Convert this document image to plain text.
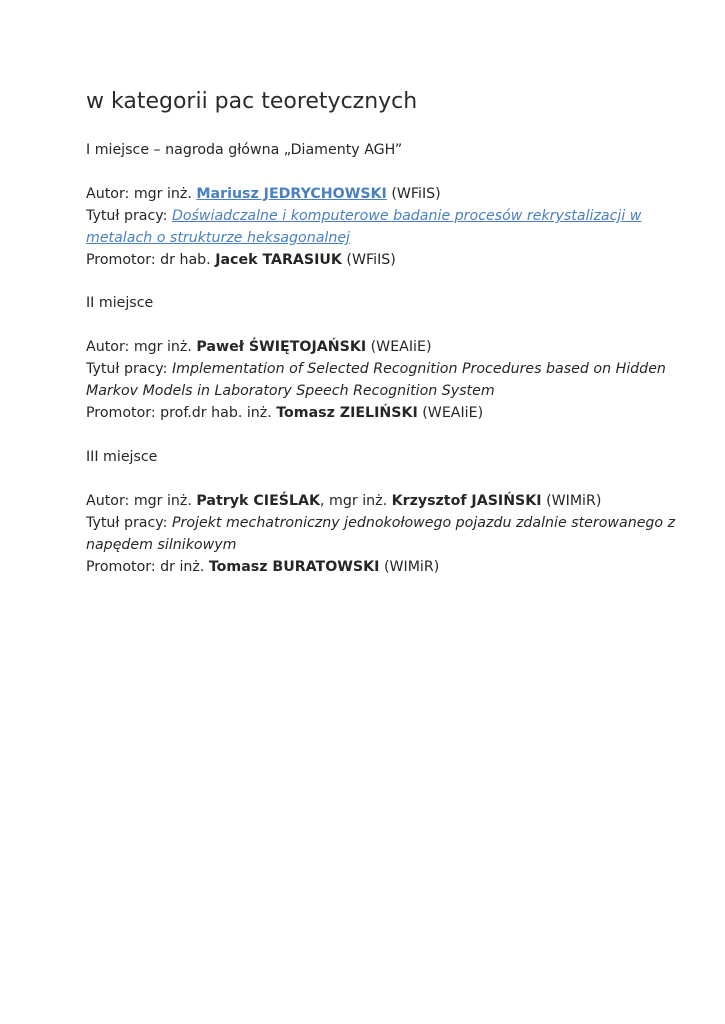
w kategorii pac teoretycznych

I miejsce – nagroda główna „Diamenty AGH”

Autor: mgr inż. Mariusz JEDRYCHOWSKI (WFiIS)
Tytuł pracy: Doświadczalne i komputerowe badanie procesów rekrystalizacji w
metalach o strukturze heksagonalnej
Promotor: dr hab. Jacek TARASIUK (WFiIS)

II miejsce

Autor: mgr inż. Paweł ŚWIĘTOJAŃSKI (WEAIiE)
Tytuł pracy: Implementation of Selected Recognition Procedures based on Hidden
Markov Models in Laboratory Speech Recognition System
Promotor: prof.dr hab. inż. Tomasz ZIELIŃSKI (WEAIiE)

III miejsce

Autor: mgr inż. Patryk CIEŚLAK, mgr inż. Krzysztof JASIŃSKI (WIMiR)
Tytuł pracy: Projekt mechatroniczny jednokołowego pojazdu zdalnie sterowanego z
napędem silnikowym
Promotor: dr inż. Tomasz BURATOWSKI (WIMiR)
